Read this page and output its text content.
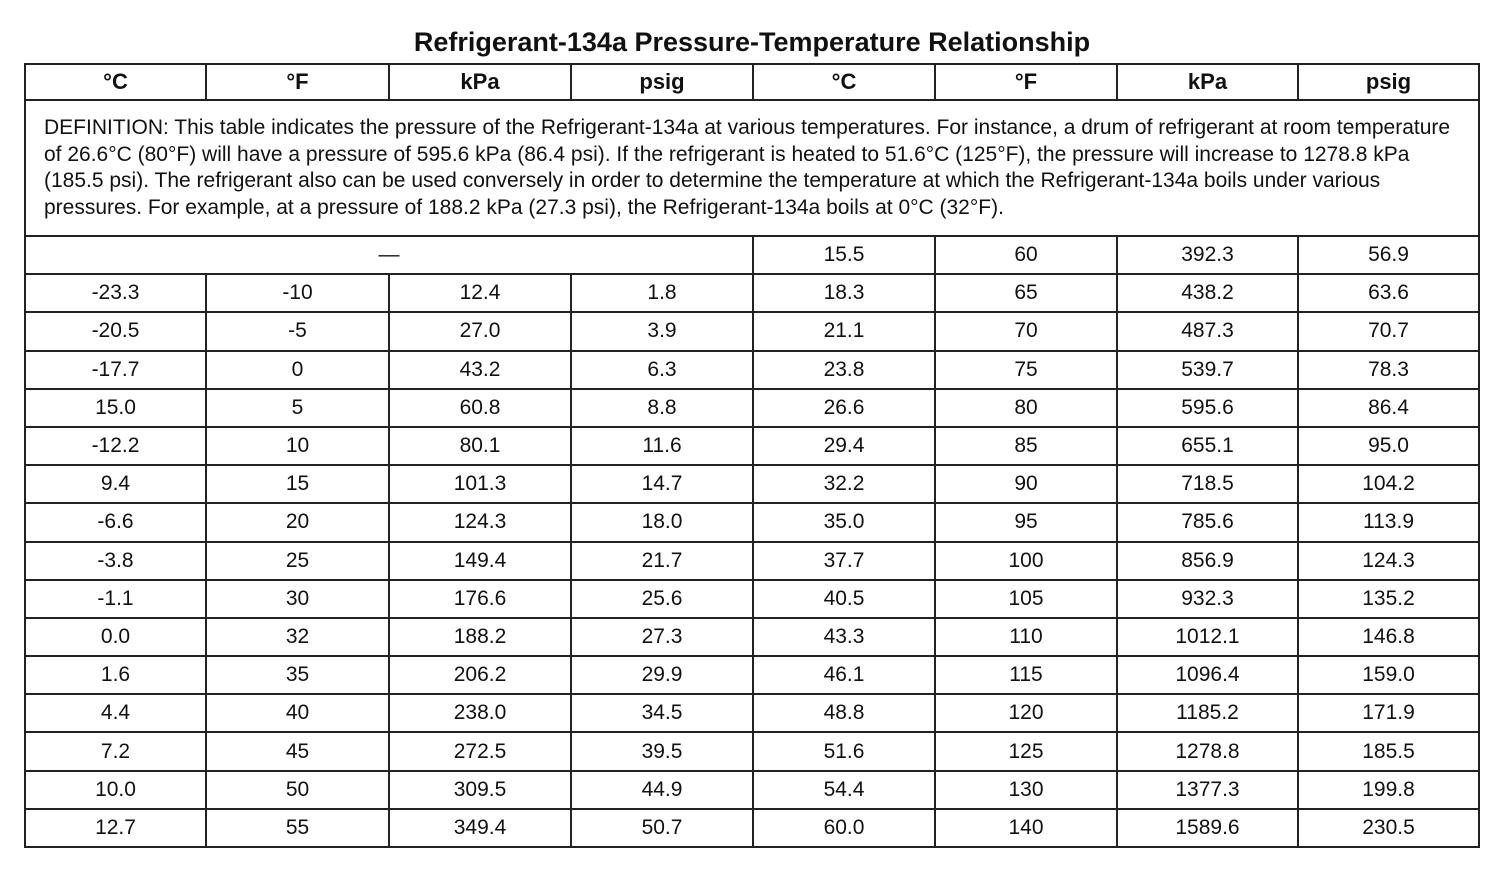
Refrigerant-134a Pressure-Temperature Relationship
°C	°F	kPa	psig	°C	°F	kPa	psig
DEFINITION: This table indicates the pressure of the Refrigerant-134a at various temperatures. For instance, a drum of refrigerant at room temperature of 26.6°C (80°F) will have a pressure of 595.6 kPa (86.4 psi). If the refrigerant is heated to 51.6°C (125°F), the pressure will increase to 1278.8 kPa (185.5 psi). The refrigerant also can be used conversely in order to determine the temperature at which the Refrigerant-134a boils under various pressures. For example, at a pressure of 188.2 kPa (27.3 psi), the Refrigerant-134a boils at 0°C (32°F).							
—				15.5	60	392.3	56.9
-23.3	-10	12.4	1.8	18.3	65	438.2	63.6
-20.5	-5	27.0	3.9	21.1	70	487.3	70.7
-17.7	0	43.2	6.3	23.8	75	539.7	78.3
15.0	5	60.8	8.8	26.6	80	595.6	86.4
-12.2	10	80.1	11.6	29.4	85	655.1	95.0
9.4	15	101.3	14.7	32.2	90	718.5	104.2
-6.6	20	124.3	18.0	35.0	95	785.6	113.9
-3.8	25	149.4	21.7	37.7	100	856.9	124.3
-1.1	30	176.6	25.6	40.5	105	932.3	135.2
0.0	32	188.2	27.3	43.3	110	1012.1	146.8
1.6	35	206.2	29.9	46.1	115	1096.4	159.0
4.4	40	238.0	34.5	48.8	120	1185.2	171.9
7.2	45	272.5	39.5	51.6	125	1278.8	185.5
10.0	50	309.5	44.9	54.4	130	1377.3	199.8
12.7	55	349.4	50.7	60.0	140	1589.6	230.5
